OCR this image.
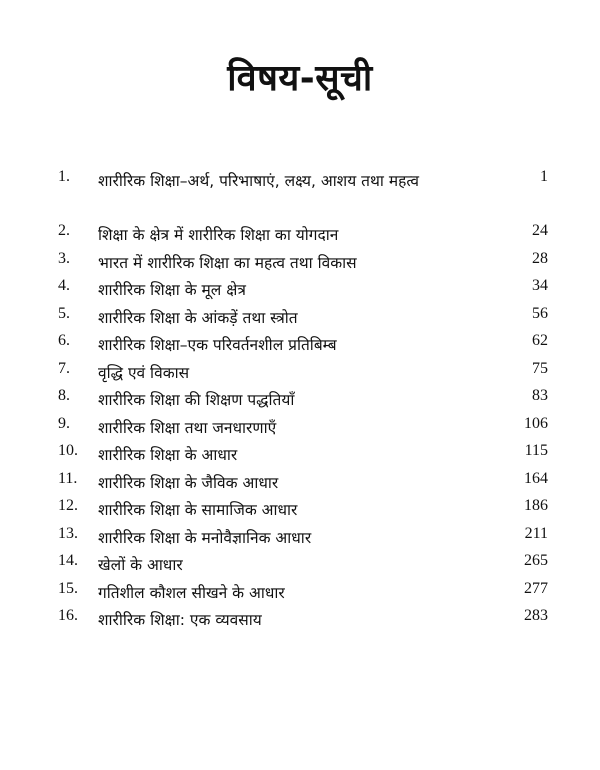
विषय-सूची
1.	शारीरिक शिक्षा–अर्थ, परिभाषाएं, लक्ष्य, आशय तथा महत्व	1
2.	शिक्षा के क्षेत्र में शारीरिक शिक्षा का योगदान	24
3.	भारत में शारीरिक शिक्षा का महत्व तथा विकास	28
4.	शारीरिक शिक्षा के मूल क्षेत्र	34
5.	शारीरिक शिक्षा के आंकड़ें तथा स्त्रोत	56
6.	शारीरिक शिक्षा–एक परिवर्तनशील प्रतिबिम्ब	62
7.	वृद्धि एवं विकास	75
8.	शारीरिक शिक्षा की शिक्षण पद्धतियाँ	83
9.	शारीरिक शिक्षा तथा जनधारणाएँ	106
10.	शारीरिक शिक्षा के आधार	115
11.	शारीरिक शिक्षा के जैविक आधार	164
12.	शारीरिक शिक्षा के सामाजिक आधार	186
13.	शारीरिक शिक्षा के मनोवैज्ञानिक आधार	211
14.	खेलों के आधार	265
15.	गतिशील कौशल सीखने के आधार	277
16.	शारीरिक शिक्षा: एक व्यवसाय	283
